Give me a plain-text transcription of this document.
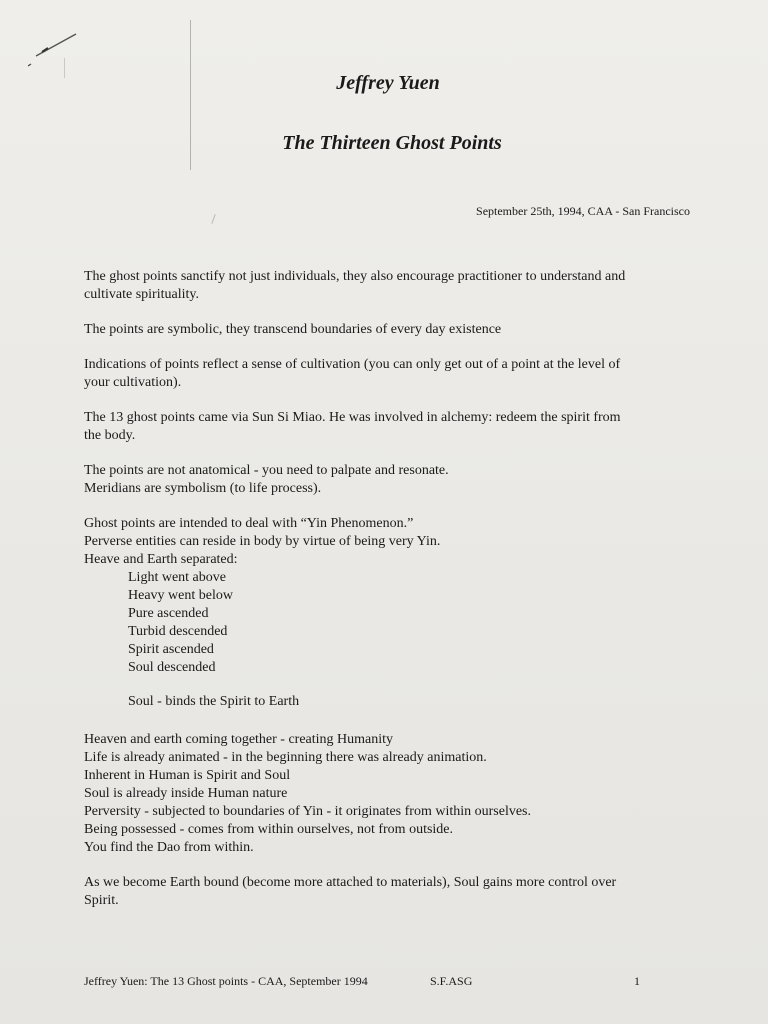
Jeffrey Yuen
The Thirteen Ghost Points
September 25th, 1994, CAA - San Francisco

The ghost points sanctify not just individuals, they also encourage practitioner to understand and

cultivate spirituality.

The points are symbolic, they transcend boundaries of every day existence

Indications of points reflect a sense of cultivation (you can only get out of a point at the level of

your cultivation).

The 13 ghost points came via Sun Si Miao. He was involved in alchemy: redeem the spirit from

the body.

The points are not anatomical - you need to palpate and resonate.

Meridians are symbolism (to life process).

Ghost points are intended to deal with “Yin Phenomenon.”

Perverse entities can reside in body by virtue of being very Yin.

Heave and Earth separated:

Light went above

Heavy went below

Pure ascended

Turbid descended

Spirit ascended

Soul descended

Soul - binds the Spirit to Earth

Heaven and earth coming together - creating Humanity

Life is already animated - in the beginning there was already animation.

Inherent in Human is Spirit and Soul

Soul is already inside Human nature

Perversity - subjected to boundaries of Yin - it originates from within ourselves.

Being possessed - comes from within ourselves, not from outside.

You find the Dao from within.

As we become Earth bound (become more attached to materials), Soul gains more control over

Spirit.

Jeffrey Yuen: The 13 Ghost points - CAA, September 1994	S.F.ASG	1
